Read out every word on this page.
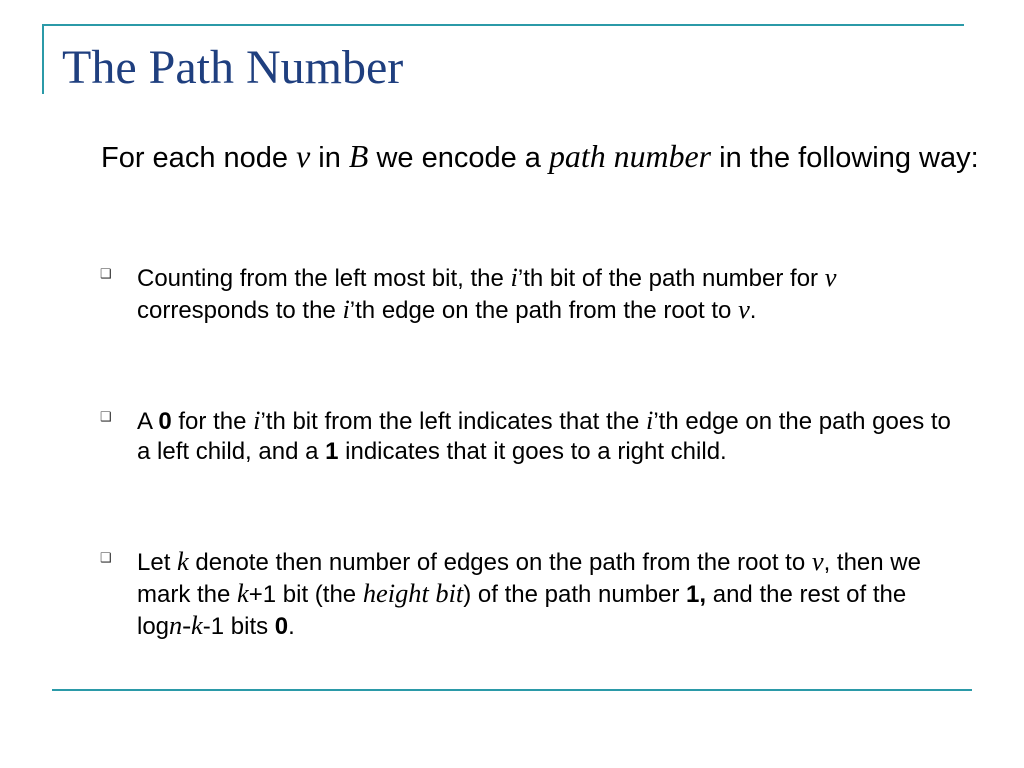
The Path Number

For each node v in B we encode a path number in the following way:

❑ Counting from the left most bit, the i’th bit of the path number for v corresponds to the i’th edge on the path from the root to v.

❑ A 0 for the i’th bit from the left indicates that the i’th edge on the path goes to a left child, and a 1 indicates that it goes to a right child.

❑ Let k denote then number of edges on the path from the root to v, then we mark the k+1 bit (the height bit) of the path number 1, and the rest of the logn-k-1 bits 0.
